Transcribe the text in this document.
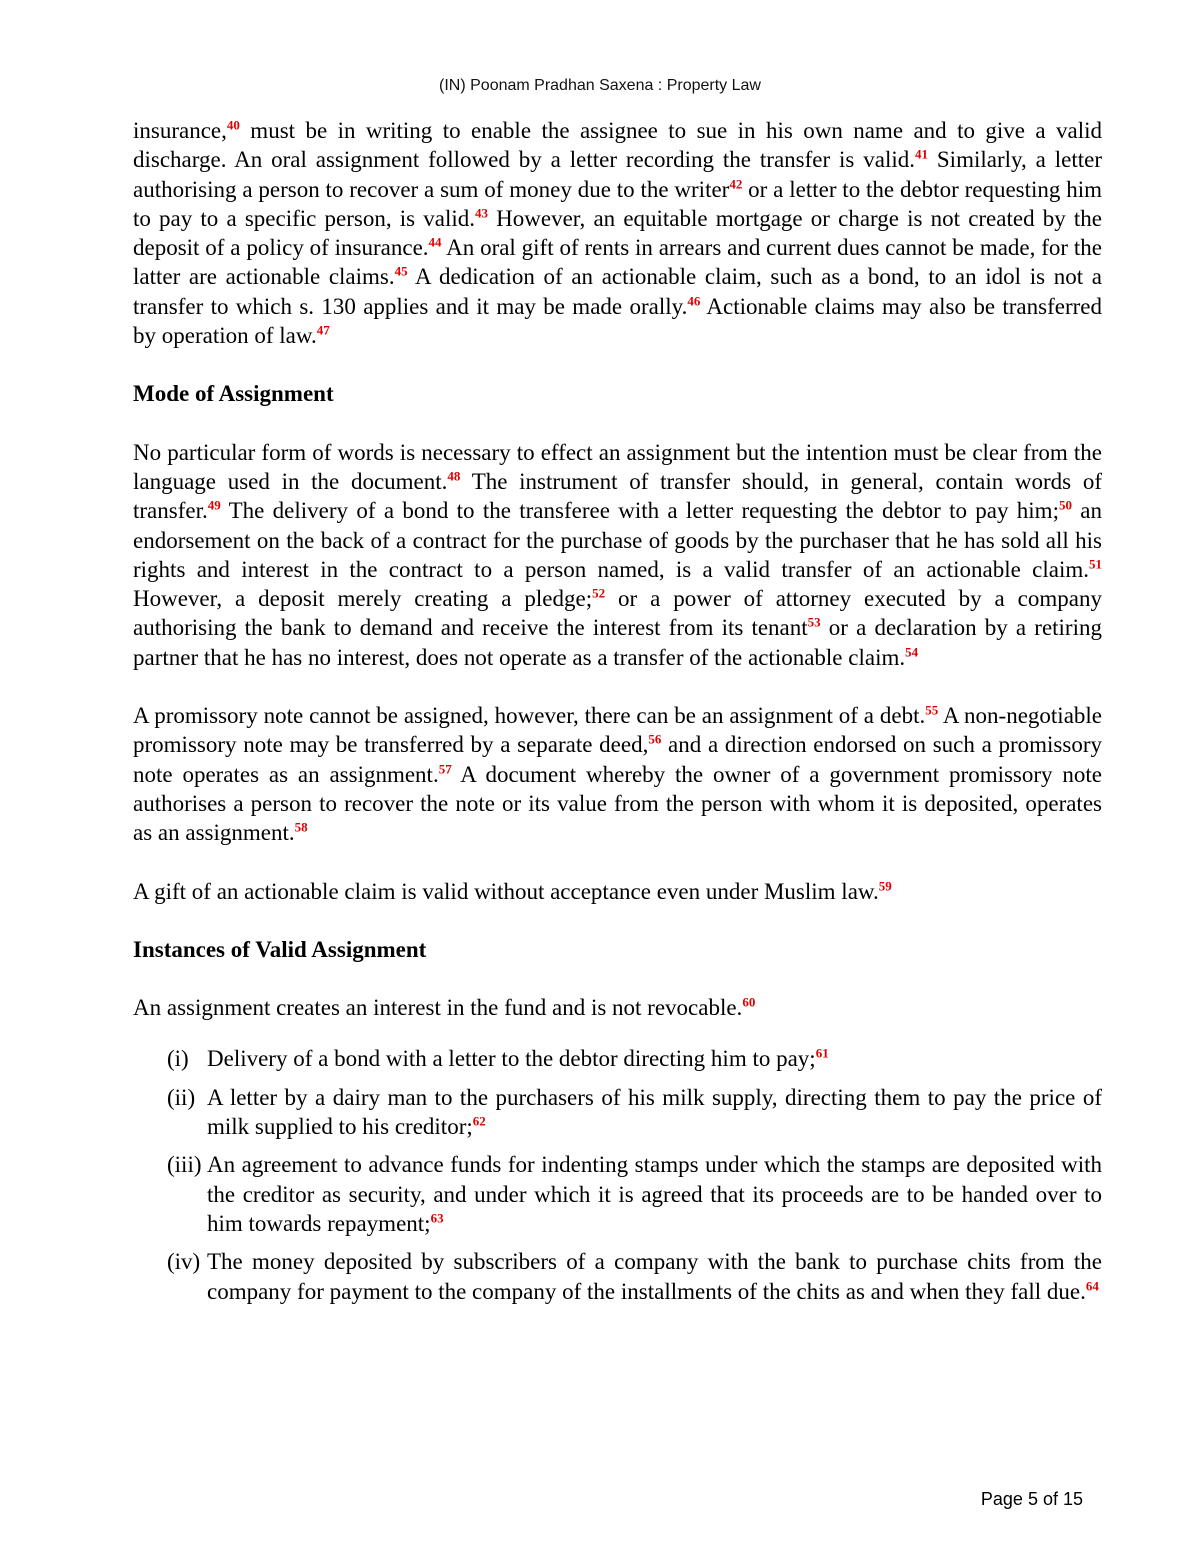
(IN) Poonam Pradhan Saxena : Property Law

insurance,$^{40}$ must be in writing to enable the assignee to sue in his own name and to give a valid discharge. An oral assignment followed by a letter recording the transfer is valid.$^{41}$ Similarly, a letter authorising a person to recover a sum of money due to the writer$^{42}$ or a letter to the debtor requesting him to pay to a specific person, is valid.$^{43}$ However, an equitable mortgage or charge is not created by the deposit of a policy of insurance.$^{44}$ An oral gift of rents in arrears and current dues cannot be made, for the latter are actionable claims.$^{45}$ A dedication of an actionable claim, such as a bond, to an idol is not a transfer to which s. 130 applies and it may be made orally.$^{46}$ Actionable claims may also be transferred by operation of law.$^{47}$

Mode of Assignment

No particular form of words is necessary to effect an assignment but the intention must be clear from the language used in the document.$^{48}$ The instrument of transfer should, in general, contain words of transfer.$^{49}$ The delivery of a bond to the transferee with a letter requesting the debtor to pay him;$^{50}$ an endorsement on the back of a contract for the purchase of goods by the purchaser that he has sold all his rights and interest in the contract to a person named, is a valid transfer of an actionable claim.$^{51}$ However, a deposit merely creating a pledge;$^{52}$ or a power of attorney executed by a company authorising the bank to demand and receive the interest from its tenant$^{53}$ or a declaration by a retiring partner that he has no interest, does not operate as a transfer of the actionable claim.$^{54}$

A promissory note cannot be assigned, however, there can be an assignment of a debt.$^{55}$ A non-negotiable promissory note may be transferred by a separate deed,$^{56}$ and a direction endorsed on such a promissory note operates as an assignment.$^{57}$ A document whereby the owner of a government promissory note authorises a person to recover the note or its value from the person with whom it is deposited, operates as an assignment.$^{58}$

A gift of an actionable claim is valid without acceptance even under Muslim law.$^{59}$

Instances of Valid Assignment

An assignment creates an interest in the fund and is not revocable.$^{60}$

(i) Delivery of a bond with a letter to the debtor directing him to pay;$^{61}$
(ii) A letter by a dairy man to the purchasers of his milk supply, directing them to pay the price of milk supplied to his creditor;$^{62}$
(iii) An agreement to advance funds for indenting stamps under which the stamps are deposited with the creditor as security, and under which it is agreed that its proceeds are to be handed over to him towards repayment;$^{63}$
(iv) The money deposited by subscribers of a company with the bank to purchase chits from the company for payment to the company of the installments of the chits as and when they fall due.$^{64}$
Page 5 of 15
